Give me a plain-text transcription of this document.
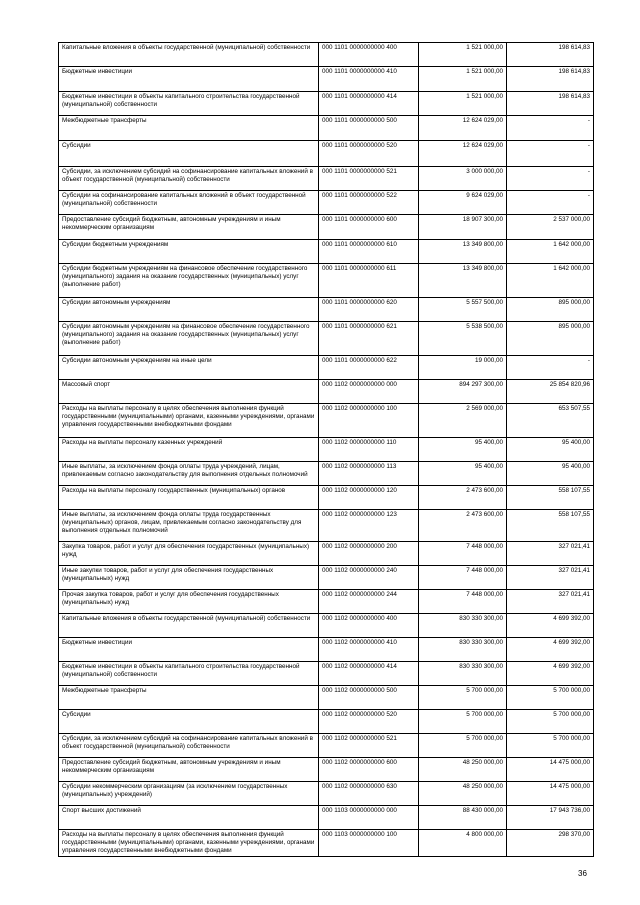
Капитальные вложения в объекты государственной (муниципальной) собственности	000 1101 0000000000 400	1 521 000,00	198 614,83
Бюджетные инвестиции	000 1101 0000000000 410	1 521 000,00	198 614,83
Бюджетные инвестиции в объекты капитального строительства государственной (муниципальной) собственности	000 1101 0000000000 414	1 521 000,00	198 614,83
Межбюджетные трансферты	000 1101 0000000000 500	12 624 029,00	-
Субсидии	000 1101 0000000000 520	12 624 029,00	-
Субсидии, за исключением субсидий на софинансирование капитальных вложений в объект государственной (муниципальной) собственности	000 1101 0000000000 521	3 000 000,00	-
Субсидии на софинансирование капитальных вложений в объект государственной (муниципальной) собственности	000 1101 0000000000 522	9 624 029,00	-
Предоставление субсидий бюджетным, автономным учреждениям и иным некоммерческим организациям	000 1101 0000000000 600	18 907 300,00	2 537 000,00
Субсидии бюджетным учреждениям	000 1101 0000000000 610	13 349 800,00	1 642 000,00
Субсидии бюджетным учреждениям на финансовое обеспечение государственного (муниципального) задания на оказание государственных (муниципальных) услуг (выполнение работ)	000 1101 0000000000 611	13 349 800,00	1 642 000,00
Субсидии автономным учреждениям	000 1101 0000000000 620	5 557 500,00	895 000,00
Субсидии автономным учреждениям на финансовое обеспечение государственного (муниципального) задания на оказание государственных (муниципальных) услуг (выполнение работ)	000 1101 0000000000 621	5 538 500,00	895 000,00
Субсидии автономным учреждениям на иные цели	000 1101 0000000000 622	19 000,00	-
Массовый спорт	000 1102 0000000000 000	894 297 300,00	25 854 820,96
Расходы на выплаты персоналу в целях обеспечения выполнения функций государственными (муниципальными) органами, казенными учреждениями, органами управления государственными внебюджетными фондами	000 1102 0000000000 100	2 569 000,00	653 507,55
Расходы на выплаты персоналу казенных учреждений	000 1102 0000000000 110	95 400,00	95 400,00
Иные выплаты, за исключением фонда оплаты труда учреждений, лицам, привлекаемым согласно законодательству для выполнения отдельных полномочий	000 1102 0000000000 113	95 400,00	95 400,00
Расходы на выплаты персоналу государственных (муниципальных) органов	000 1102 0000000000 120	2 473 600,00	558 107,55
Иные выплаты, за исключением фонда оплаты труда государственных (муниципальных) органов, лицам, привлекаемым согласно законодательству для выполнения отдельных полномочий	000 1102 0000000000 123	2 473 600,00	558 107,55
Закупка товаров, работ и услуг для обеспечения государственных (муниципальных) нужд	000 1102 0000000000 200	7 448 000,00	327 021,41
Иные закупки товаров, работ и услуг для обеспечения государственных (муниципальных) нужд	000 1102 0000000000 240	7 448 000,00	327 021,41
Прочая закупка товаров, работ и услуг для обеспечения государственных (муниципальных) нужд	000 1102 0000000000 244	7 448 000,00	327 021,41
Капитальные вложения в объекты государственной (муниципальной) собственности	000 1102 0000000000 400	830 330 300,00	4 699 392,00
Бюджетные инвестиции	000 1102 0000000000 410	830 330 300,00	4 699 392,00
Бюджетные инвестиции в объекты капитального строительства государственной (муниципальной) собственности	000 1102 0000000000 414	830 330 300,00	4 699 392,00
Межбюджетные трансферты	000 1102 0000000000 500	5 700 000,00	5 700 000,00
Субсидии	000 1102 0000000000 520	5 700 000,00	5 700 000,00
Субсидии, за исключением субсидий на софинансирование капитальных вложений в объект государственной (муниципальной) собственности	000 1102 0000000000 521	5 700 000,00	5 700 000,00
Предоставление субсидий бюджетным, автономным учреждениям и иным некоммерческим организациям	000 1102 0000000000 600	48 250 000,00	14 475 000,00
Субсидии некоммерческим организациям (за исключением государственных (муниципальных) учреждений)	000 1102 0000000000 630	48 250 000,00	14 475 000,00
Спорт высших достижений	000 1103 0000000000 000	88 430 000,00	17 943 736,00
Расходы на выплаты персоналу в целях обеспечения выполнения функций государственными (муниципальными) органами, казенными учреждениями, органами управления государственными внебюджетными фондами	000 1103 0000000000 100	4 800 000,00	298 370,00
36
